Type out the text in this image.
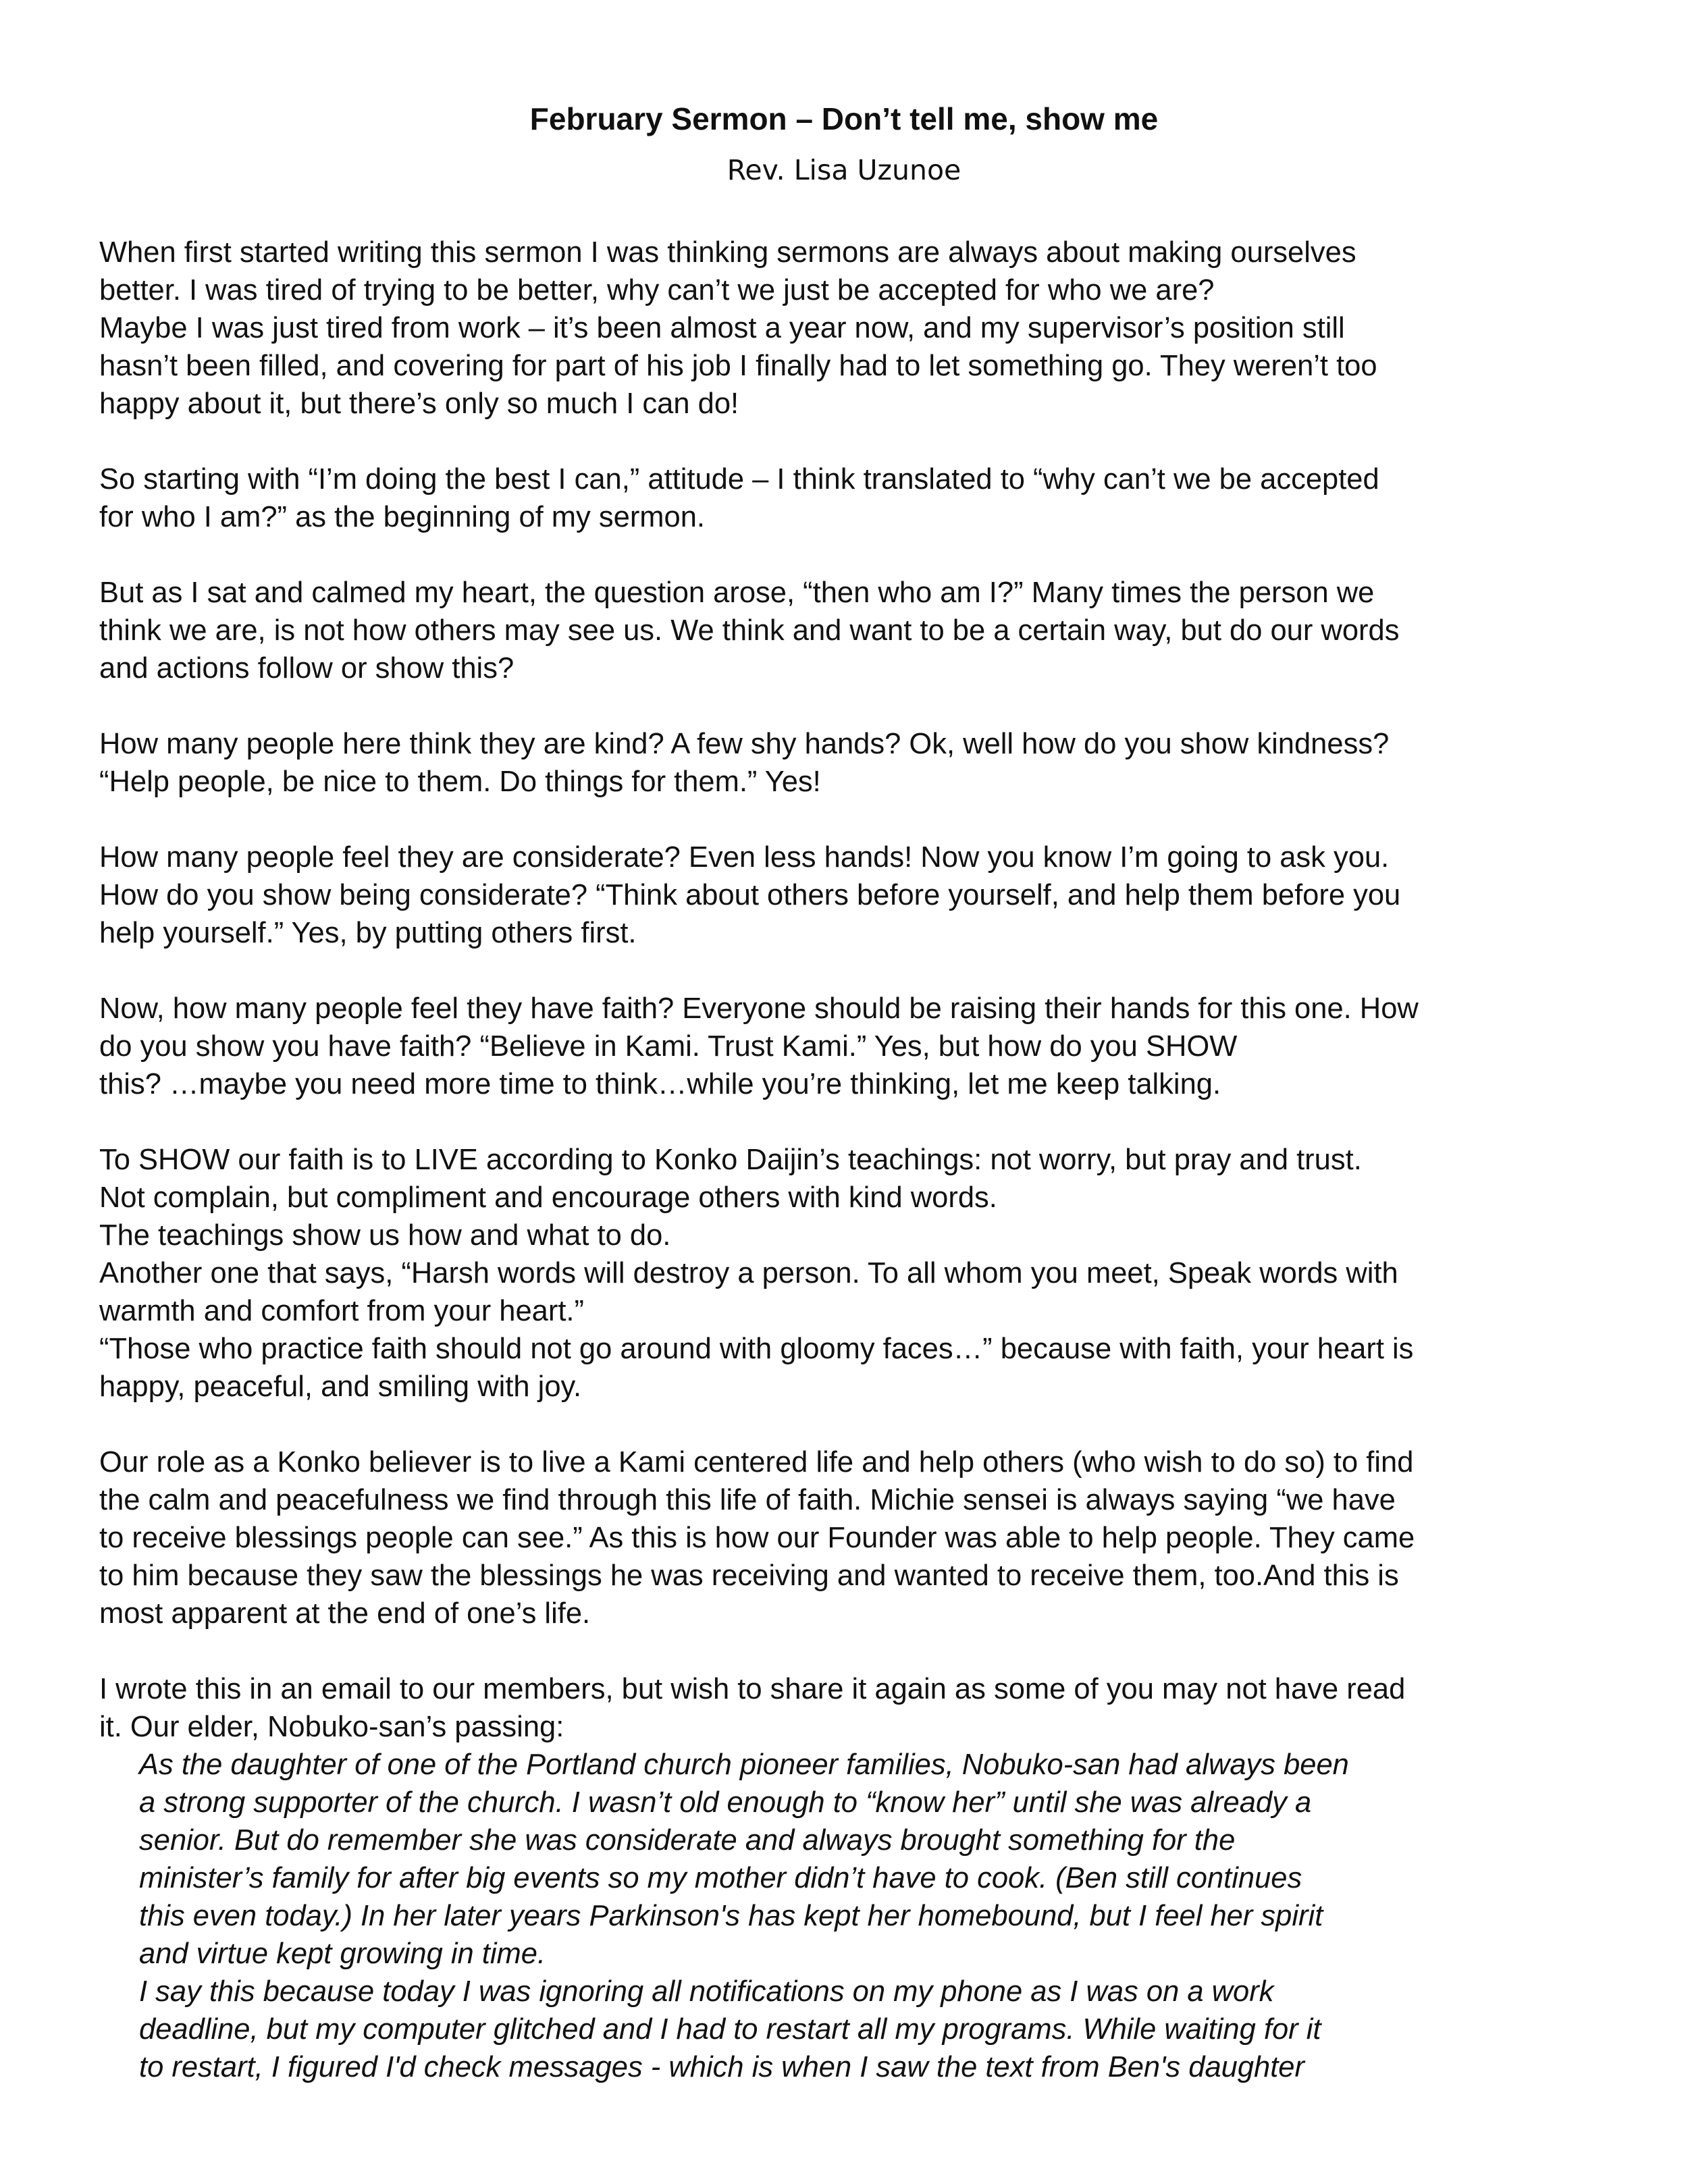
February Sermon – Don’t tell me, show me
Rev. Lisa Uzunoe
When first started writing this sermon I was thinking sermons are always about making ourselves
better. I was tired of trying to be better, why can’t we just be accepted for who we are?
Maybe I was just tired from work – it’s been almost a year now, and my supervisor’s position still
hasn’t been filled, and covering for part of his job I finally had to let something go. They weren’t too
happy about it, but there’s only so much I can do!
So starting with “I’m doing the best I can,” attitude – I think translated to “why can’t we be accepted
for who I am?” as the beginning of my sermon.
But as I sat and calmed my heart, the question arose, “then who am I?” Many times the person we
think we are, is not how others may see us. We think and want to be a certain way, but do our words
and actions follow or show this?
How many people here think they are kind? A few shy hands? Ok, well how do you show kindness?
“Help people, be nice to them. Do things for them.” Yes!
How many people feel they are considerate? Even less hands! Now you know I’m going to ask you.
How do you show being considerate? “Think about others before yourself, and help them before you
help yourself.” Yes, by putting others first.
Now, how many people feel they have faith? Everyone should be raising their hands for this one. How
do you show you have faith? “Believe in Kami. Trust Kami.” Yes, but how do you SHOW
this? …maybe you need more time to think…while you’re thinking, let me keep talking.
To SHOW our faith is to LIVE according to Konko Daijin’s teachings: not worry, but pray and trust.
Not complain, but compliment and encourage others with kind words.
The teachings show us how and what to do.
Another one that says, “Harsh words will destroy a person. To all whom you meet, Speak words with
warmth and comfort from your heart.”
“Those who practice faith should not go around with gloomy faces…” because with faith, your heart is
happy, peaceful, and smiling with joy.
Our role as a Konko believer is to live a Kami centered life and help others (who wish to do so) to find
the calm and peacefulness we find through this life of faith. Michie sensei is always saying “we have
to receive blessings people can see.” As this is how our Founder was able to help people. They came
to him because they saw the blessings he was receiving and wanted to receive them, too.And this is
most apparent at the end of one’s life.
I wrote this in an email to our members, but wish to share it again as some of you may not have read
it. Our elder, Nobuko-san’s passing:
As the daughter of one of the Portland church pioneer families, Nobuko-san had always been
a strong supporter of the church. I wasn’t old enough to “know her” until she was already a
senior. But do remember she was considerate and always brought something for the
minister’s family for after big events so my mother didn’t have to cook. (Ben still continues
this even today.) In her later years Parkinson's has kept her homebound, but I feel her spirit
and virtue kept growing in time.
I say this because today I was ignoring all notifications on my phone as I was on a work
deadline, but my computer glitched and I had to restart all my programs. While waiting for it
to restart, I figured I'd check messages - which is when I saw the text from Ben's daughter
